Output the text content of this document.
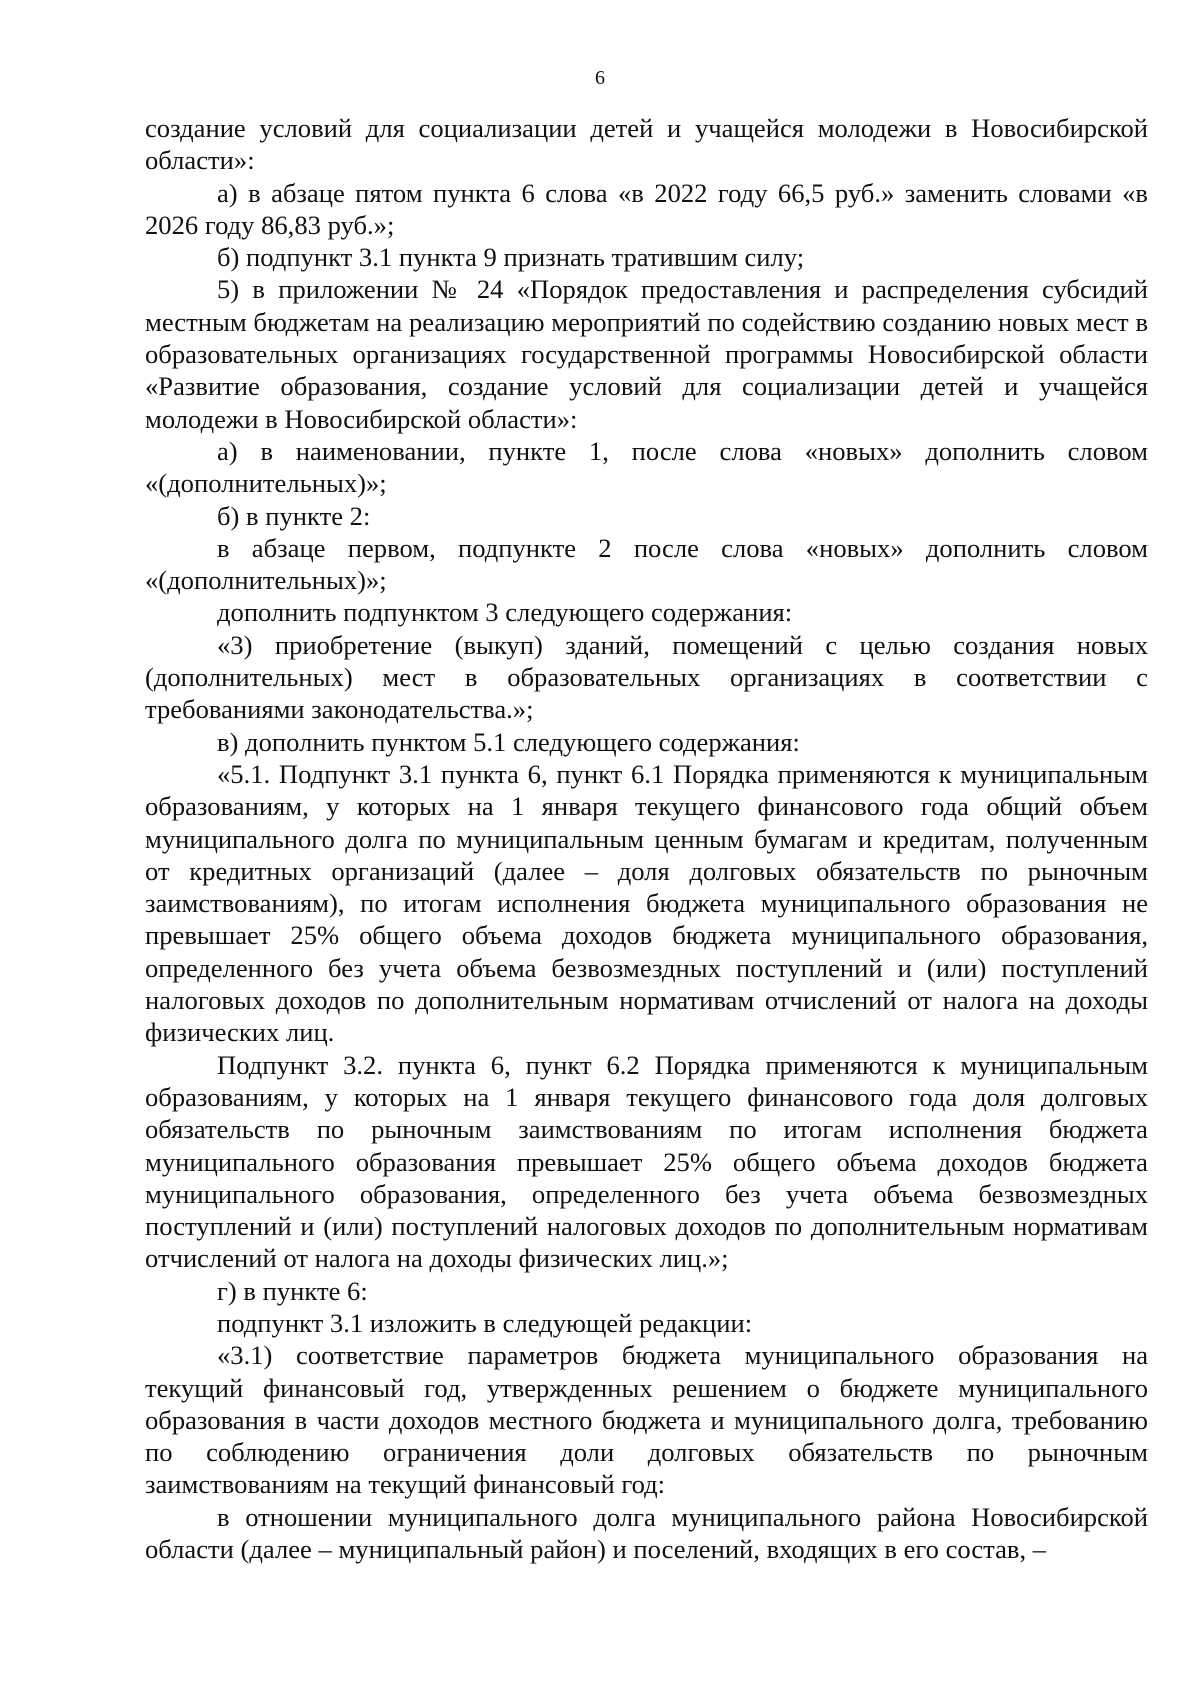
6

создание условий для социализации детей и учащейся молодежи в Новосибирской области»:

а) в абзаце пятом пункта 6 слова «в 2022 году 66,5 руб.» заменить словами «в 2026 году 86,83 руб.»;

б) подпункт 3.1 пункта 9 признать тратившим силу;

5) в приложении № 24 «Порядок предоставления и распределения субсидий местным бюджетам на реализацию мероприятий по содействию созданию новых мест в образовательных организациях государственной программы Новосибирской области «Развитие образования, создание условий для социализации детей и учащейся молодежи в Новосибирской области»:

а) в наименовании, пункте 1, после слова «новых» дополнить словом «(дополнительных)»;

б) в пункте 2:

в абзаце первом, подпункте 2 после слова «новых» дополнить словом «(дополнительных)»;

дополнить подпунктом 3 следующего содержания:

«3) приобретение (выкуп) зданий, помещений с целью создания новых (дополнительных) мест в образовательных организациях в соответствии с требованиями законодательства.»;

в) дополнить пунктом 5.1 следующего содержания:

«5.1. Подпункт 3.1 пункта 6, пункт 6.1 Порядка применяются к муниципальным образованиям, у которых на 1 января текущего финансового года общий объем муниципального долга по муниципальным ценным бумагам и кредитам, полученным от кредитных организаций (далее – доля долговых обязательств по рыночным заимствованиям), по итогам исполнения бюджета муниципального образования не превышает 25% общего объема доходов бюджета муниципального образования, определенного без учета объема безвозмездных поступлений и (или) поступлений налоговых доходов по дополнительным нормативам отчислений от налога на доходы физических лиц.

Подпункт 3.2. пункта 6, пункт 6.2 Порядка применяются к муниципальным образованиям, у которых на 1 января текущего финансового года доля долговых обязательств по рыночным заимствованиям по итогам исполнения бюджета муниципального образования превышает 25% общего объема доходов бюджета муниципального образования, определенного без учета объема безвозмездных поступлений и (или) поступлений налоговых доходов по дополнительным нормативам отчислений от налога на доходы физических лиц.»;

г) в пункте 6:

подпункт 3.1 изложить в следующей редакции:

«3.1) соответствие параметров бюджета муниципального образования на текущий финансовый год, утвержденных решением о бюджете муниципального образования в части доходов местного бюджета и муниципального долга, требованию по соблюдению ограничения доли долговых обязательств по рыночным заимствованиям на текущий финансовый год:

в отношении муниципального долга муниципального района Новосибирской области (далее – муниципальный район) и поселений, входящих в его состав, –
